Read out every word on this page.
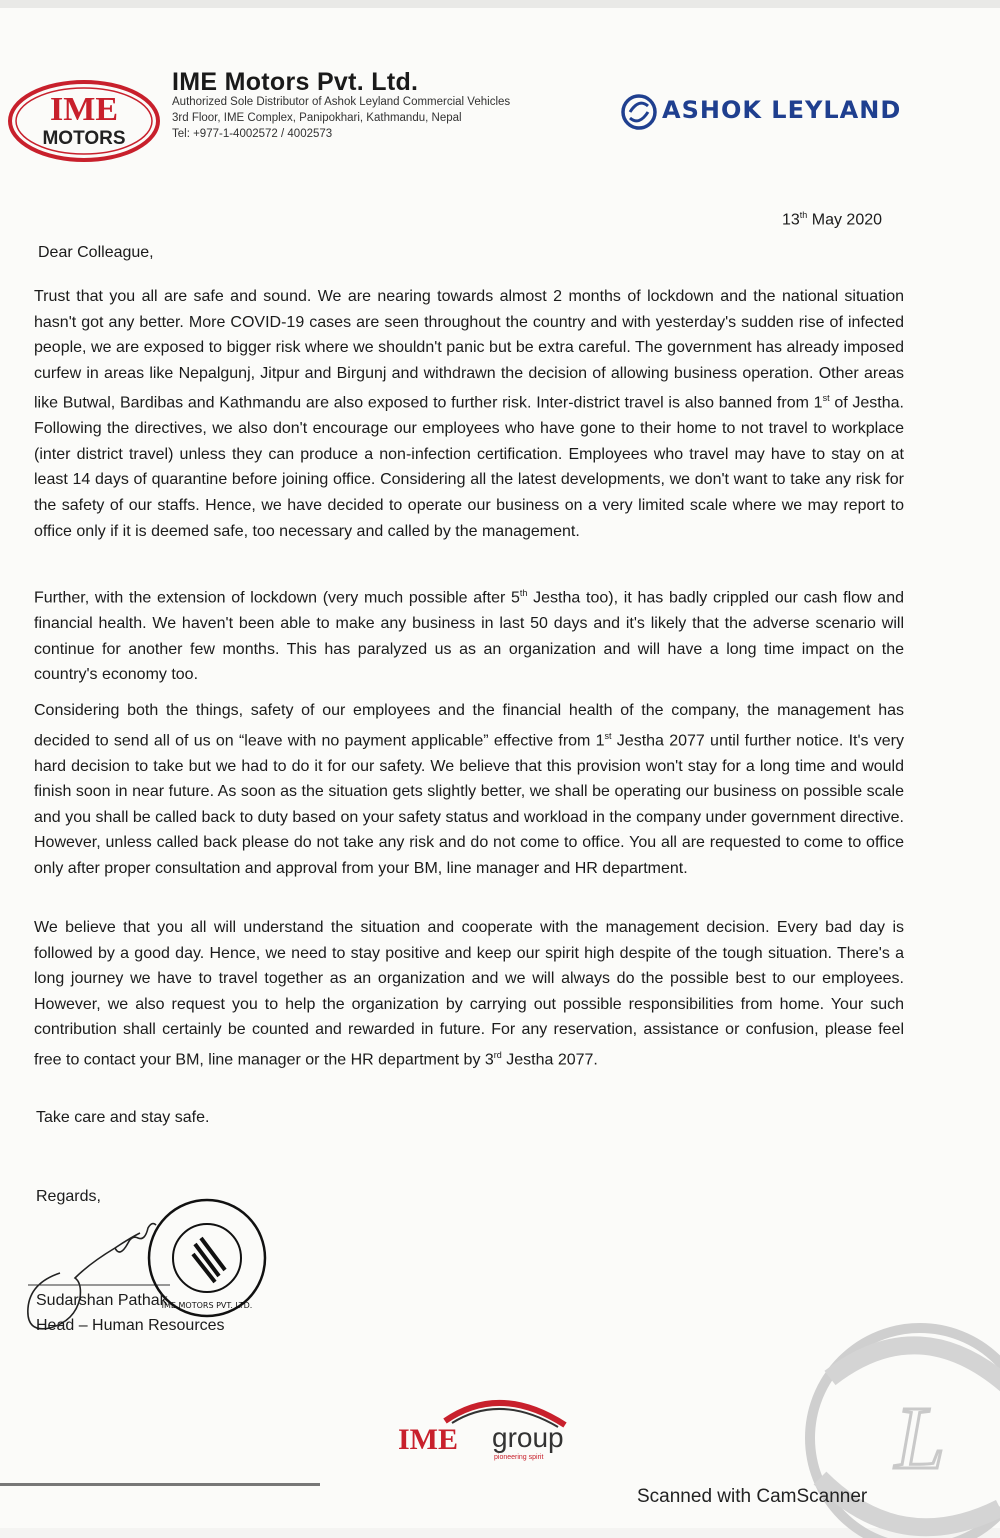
IME
MOTORS
IME Motors Pvt. Ltd.
Authorized Sole Distributor of Ashok Leyland Commercial Vehicles
3rd Floor, IME Complex, Panipokhari, Kathmandu, Nepal
Tel: +977-1-4002572 / 4002573
ASHOK LEYLAND
13th May 2020
Dear Colleague,
Trust that you all are safe and sound. We are nearing towards almost 2 months of lockdown and the national situation hasn't got any better. More COVID-19 cases are seen throughout the country and with yesterday's sudden rise of infected people, we are exposed to bigger risk where we shouldn't panic but be extra careful. The government has already imposed curfew in areas like Nepalgunj, Jitpur and Birgunj and withdrawn the decision of allowing business operation. Other areas like Butwal, Bardibas and Kathmandu are also exposed to further risk. Inter-district travel is also banned from 1st of Jestha. Following the directives, we also don't encourage our employees who have gone to their home to not travel to workplace (inter district travel) unless they can produce a non-infection certification. Employees who travel may have to stay on at least 14 days of quarantine before joining office. Considering all the latest developments, we don't want to take any risk for the safety of our staffs. Hence, we have decided to operate our business on a very limited scale where we may report to office only if it is deemed safe, too necessary and called by the management.
Further, with the extension of lockdown (very much possible after 5th Jestha too), it has badly crippled our cash flow and financial health. We haven't been able to make any business in last 50 days and it's likely that the adverse scenario will continue for another few months. This has paralyzed us as an organization and will have a long time impact on the country's economy too.
Considering both the things, safety of our employees and the financial health of the company, the management has decided to send all of us on “leave with no payment applicable” effective from 1st Jestha 2077 until further notice. It's very hard decision to take but we had to do it for our safety. We believe that this provision won't stay for a long time and would finish soon in near future. As soon as the situation gets slightly better, we shall be operating our business on possible scale and you shall be called back to duty based on your safety status and workload in the company under government directive. However, unless called back please do not take any risk and do not come to office. You all are requested to come to office only after proper consultation and approval from your BM, line manager and HR department.
We believe that you all will understand the situation and cooperate with the management decision. Every bad day is followed by a good day. Hence, we need to stay positive and keep our spirit high despite of the tough situation. There's a long journey we have to travel together as an organization and we will always do the possible best to our employees. However, we also request you to help the organization by carrying out possible responsibilities from home. Your such contribution shall certainly be counted and rewarded in future. For any reservation, assistance or confusion, please feel free to contact your BM, line manager or the HR department by 3rd Jestha 2077.
Take care and stay safe.
Regards,
IME MOTORS PVT. LTD.
Sudarshan Pathak
Head – Human Resources
IME group
pioneering spirit	L
Scanned with CamScanner
